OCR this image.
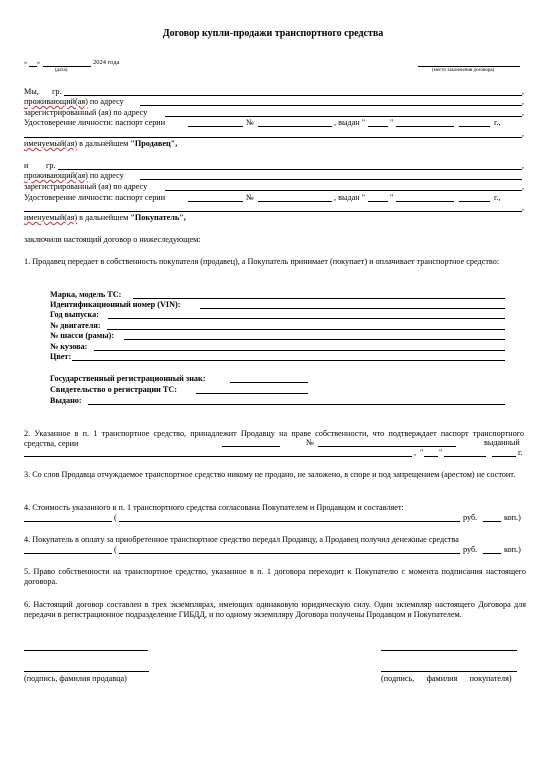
Договор купли-продажи транспортного средства
« »	2024 года
(дата)	(место заключения договора)
Мы, гр.	,
проживающий(ая) по адресу	,
зарегистрированный (ая) по адресу	,
Удостоверение личности: паспорт серии	№	, выдан "	"	г.,
,
именуемый(ая) в дальнейшем "Продавец",
и гр.	,
проживающий(ая) по адресу
зарегистрированный (ая) по адресу	,
Удостоверение личности: паспорт серии	№	, выдан "	"	г.,
,
именуемый(ая) в дальнейшем "Покупатель",
заключили настоящий договор о нижеследующем:
1. Продавец передает в собственность покупателя (продавец), а Покупатель принимает (покупает) и оплачивает транспортное средство:
Марка, модель ТС:
Идентификационный номер (VIN):
Год выпуска:
№ двигателя:
№ шасси (рамы):
№ кузова:
Цвет:
Государственный регистрационный знак:
Свидетельство о регистрации ТС:
Выдано:
2. Указанное в п. 1 транспортное средство, принадлежит Продавцу на праве собственности, что подтверждает паспорт транспортного средства, серии	№	выданный
, " "	г.
3. Со слов Продавца отчуждаемое транспортное средство никому не продано, не заложено, в споре и под запрещением (арестом) не состоит.
4. Стоимость указанного в п. 1 транспортного средства согласована Покупателем и Продавцом и составляет:
(	руб.	коп.)
4. Покупатель в оплату за приобретенное транспортное средство передал Продавцу, а Продавец получил денежные средства
(	руб.	коп.)
5. Право собственности на транспортное средство, указанное в п. 1 договора переходит к Покупателю с момента подписания настоящего договора.
6. Настоящий договор составлен в трех экземплярах, имеющих одинаковую юридическую силу. Один экземпляр настоящего Договора для передачи в регистрационное подразделение ГИБДД, и по одному экземпляру Договора получены Продавцом и Покупателем.
(подпись, фамилия продавца)	(подпись,      фамилия      покупателя)
